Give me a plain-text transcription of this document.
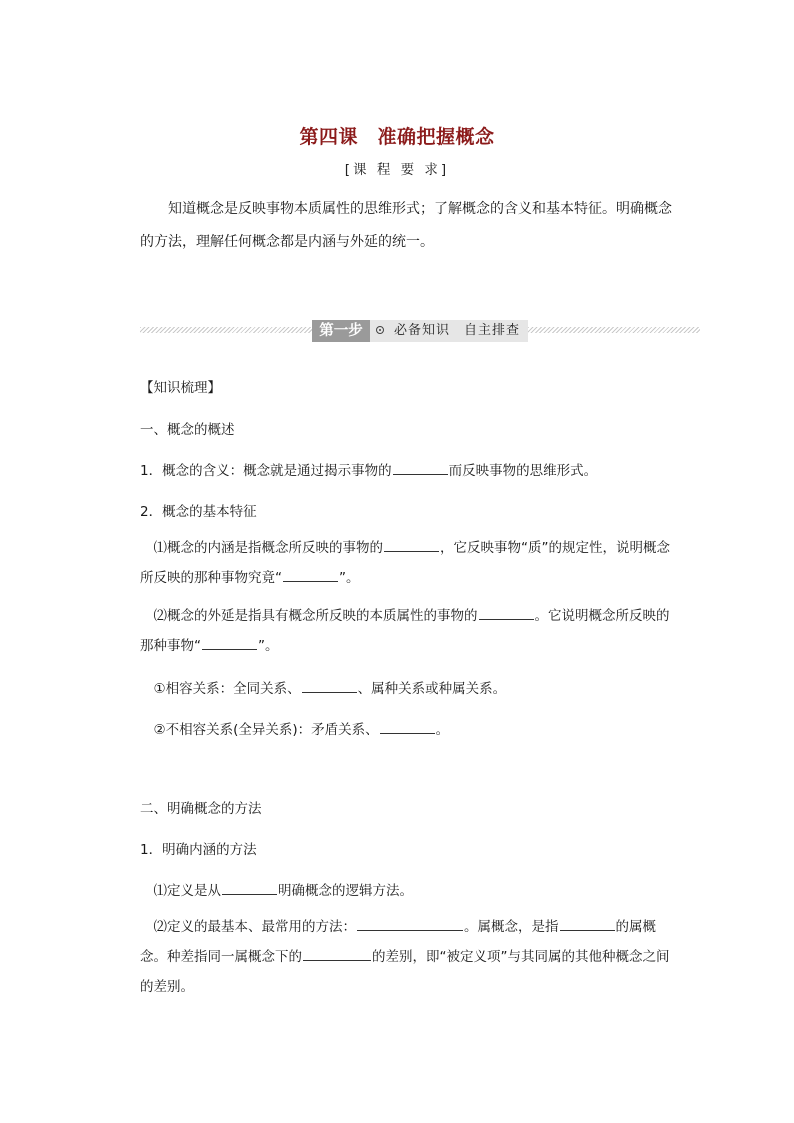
第四课　准确把握概念
[课 程 要 求]
　　知道概念是反映事物本质属性的思维形式；了解概念的含义和基本特征。明确概念的方法，理解任何概念都是内涵与外延的统一。
第一步	必备知识　自主排查
【知识梳理】
一、概念的概述
1．概念的含义：概念就是通过揭示事物的	而反映事物的思维形式。
2．概念的基本特征
 ⑴概念的内涵是指概念所反映的事物的	，它反映事物“质”的规定性，说明概念所反映的那种事物究竟“	”。
 ⑵概念的外延是指具有概念所反映的本质属性的事物的	。它说明概念所反映的那种事物“	”。
 ①相容关系：全同关系、	、属种关系或种属关系。
 ②不相容关系(全异关系)：矛盾关系、	。
二、明确概念的方法
1．明确内涵的方法
 ⑴定义是从	明确概念的逻辑方法。
 ⑵定义的最基本、最常用的方法：	。属概念，是指	的属概念。种差指同一属概念下的	的差别，即“被定义项”与其同属的其他种概念之间的差别。
